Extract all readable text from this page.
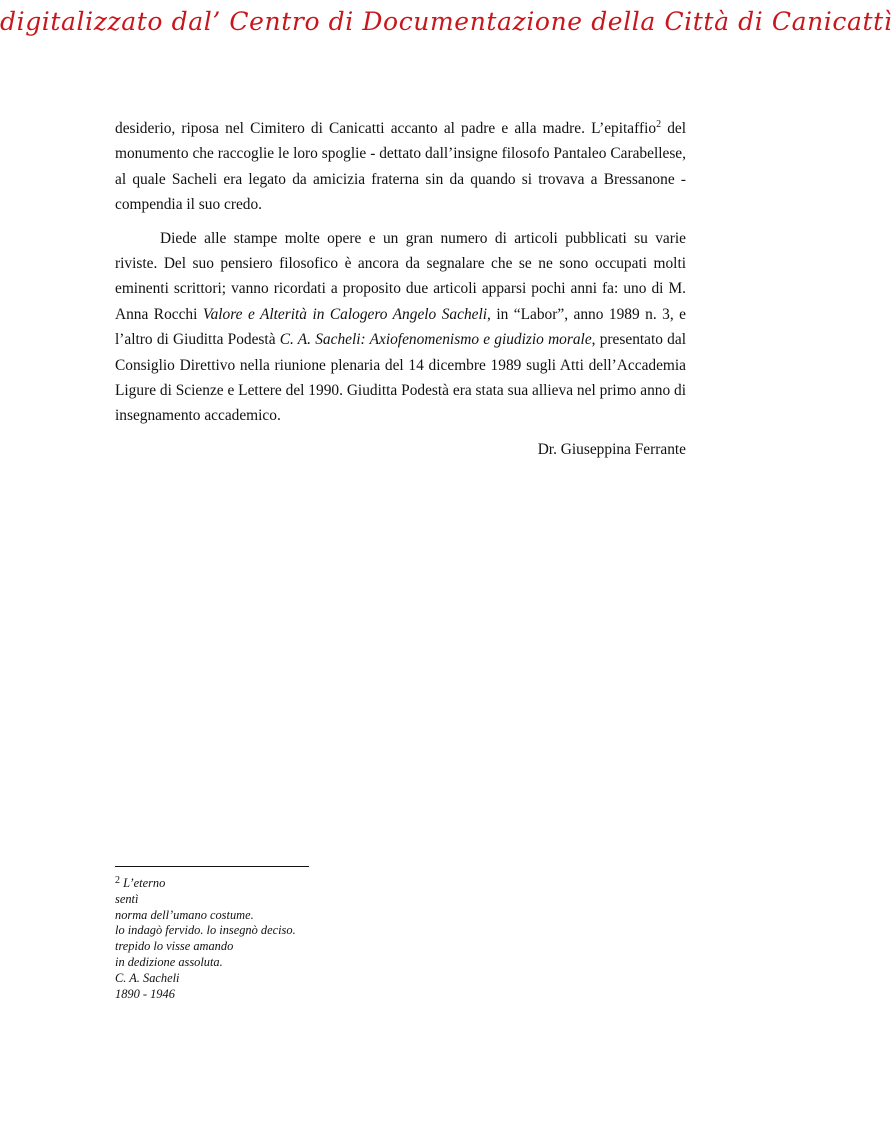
digitalizzato dal’ Centro di Documentazione della Città di Canicattì

desiderio, riposa nel Cimitero di Canicatti accanto al padre e alla madre. L’epitaffio$^2$ del monumento che raccoglie le loro spoglie - dettato dall’insigne filosofo Pantaleo Carabellese, al quale Sacheli era legato da amicizia fraterna sin da quando si trovava a Bressanone - compendia il suo credo.

Diede alle stampe molte opere e un gran numero di articoli pubblicati su varie riviste. Del suo pensiero filosofico è ancora da segnalare che se ne sono occupati molti eminenti scrittori; vanno ricordati a proposito due articoli apparsi pochi anni fa: uno di M. Anna Rocchi Valore e Alterità in Calogero Angelo Sacheli, in “Labor”, anno 1989 n. 3, e l’altro di Giuditta Podestà C. A. Sacheli: Axiofenomenismo e giudizio morale, presentato dal Consiglio Direttivo nella riunione plenaria del 14 dicembre 1989 sugli Atti dell’Accademia Ligure di Scienze e Lettere del 1990. Giuditta Podestà era stata sua allieva nel primo anno di insegnamento accademico.

Dr. Giuseppina Ferrante

$^2$ L’eterno
sentì
norma dell’umano costume.
lo indagò fervido. lo insegnò deciso.
trepido lo visse amando
in dedizione assoluta.
C. A. Sacheli
1890 - 1946
